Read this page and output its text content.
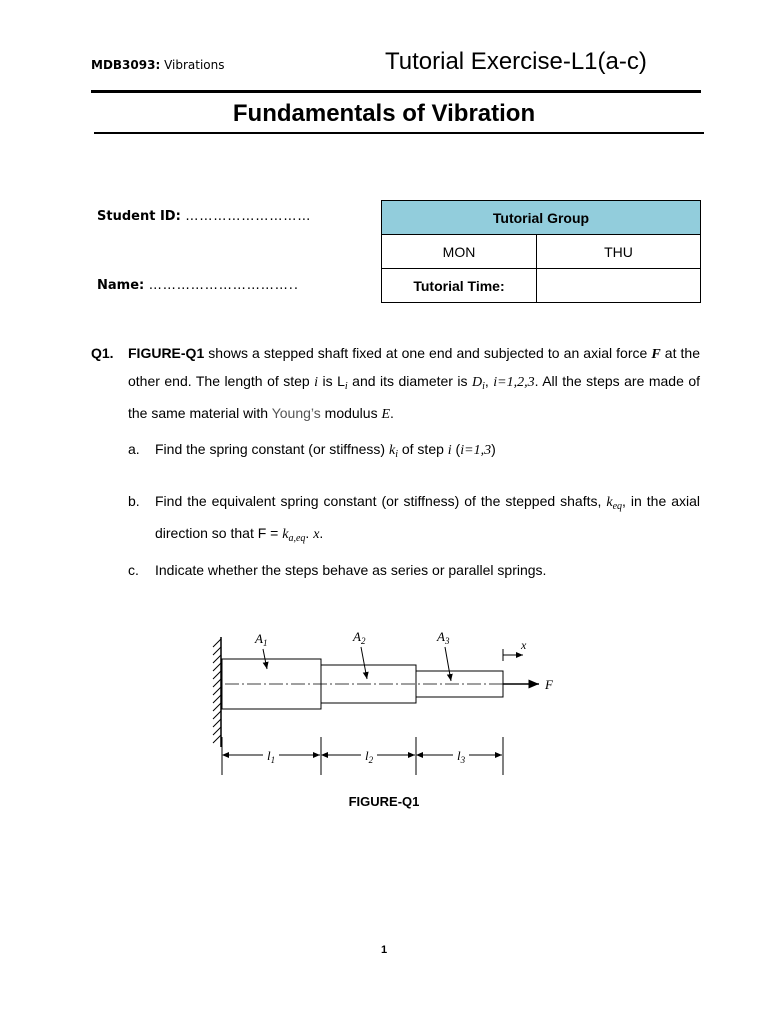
MDB3093: Vibrations	Tutorial Exercise-L1(a-c)
Fundamentals of Vibration
Student ID: ………………………
Name: …………………………..
Tutorial Group	
MON	THU
Tutorial Time:	
Q1. FIGURE-Q1 shows a stepped shaft fixed at one end and subjected to an axial force F at the other end. The length of step i is $L_i$ and its diameter is $D_i$, i=1,2,3. All the steps are made of the same material with Young’s modulus E.
a. Find the spring constant (or stiffness) $k_i$ of step i (i=1,3)
b. Find the equivalent spring constant (or stiffness) of the stepped shafts, $k_{eq}$, in the axial direction so that $F = k_{a,eq}$. x.
c. Indicate whether the steps behave as series or parallel springs.
F
x
$A_1$	$A_2$	$A_3$
$l_1$	$l_2$	$l_3$
FIGURE-Q1
1
